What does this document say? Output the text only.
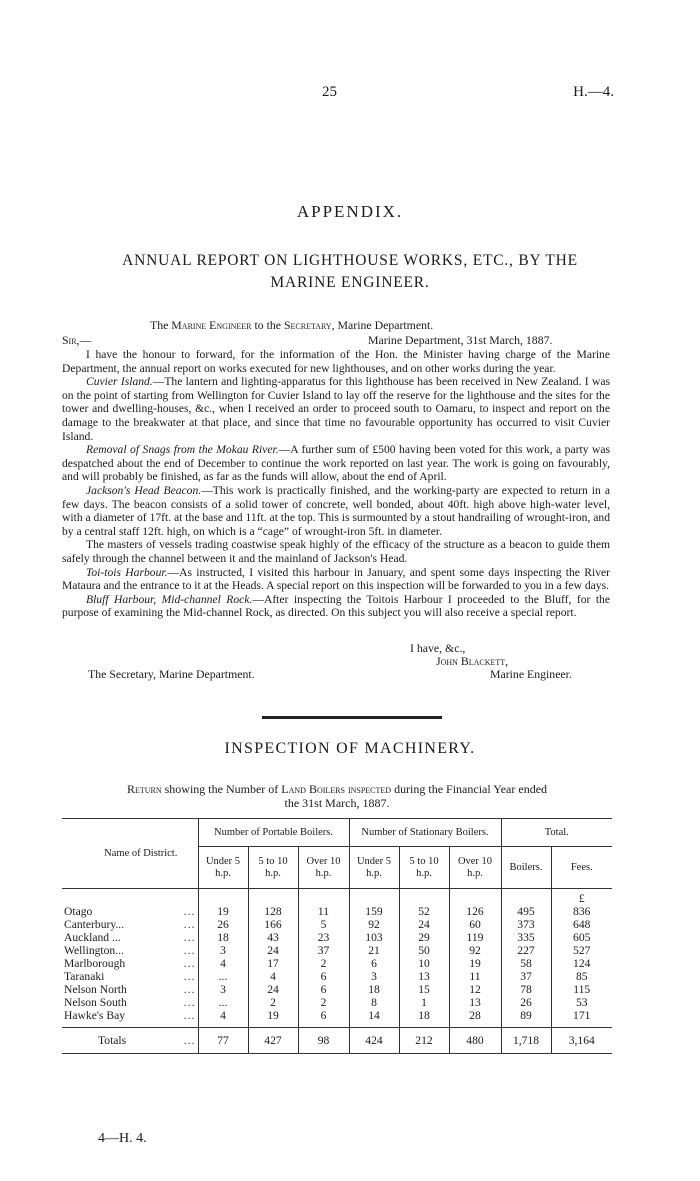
25	H.—4.
APPENDIX.
ANNUAL REPORT ON LIGHTHOUSE WORKS, ETC., BY THE
MARINE ENGINEER.
The Marine Engineer to the Secretary, Marine Department.
Sir,—	Marine Department, 31st March, 1887.

I have the honour to forward, for the information of the Hon. the Minister having charge of the Marine Department, the annual report on works executed for new lighthouses, and on other works during the year.

Cuvier Island.—The lantern and lighting-apparatus for this lighthouse has been received in New Zealand. I was on the point of starting from Wellington for Cuvier Island to lay off the reserve for the lighthouse and the sites for the tower and dwelling-houses, &c., when I received an order to proceed south to Oamaru, to inspect and report on the damage to the breakwater at that place, and since that time no favourable opportunity has occurred to visit Cuvier Island.

Removal of Snags from the Mokau River.—A further sum of £500 having been voted for this work, a party was despatched about the end of December to continue the work reported on last year. The work is going on favourably, and will probably be finished, as far as the funds will allow, about the end of April.

Jackson's Head Beacon.—This work is practically finished, and the working-party are expected to return in a few days. The beacon consists of a solid tower of concrete, well bonded, about 40ft. high above high-water level, with a diameter of 17ft. at the base and 11ft. at the top. This is surmounted by a stout handrailing of wrought-iron, and by a central staff 12ft. high, on which is a “cage” of wrought-iron 5ft. in diameter.

The masters of vessels trading coastwise speak highly of the efficacy of the structure as a beacon to guide them safely through the channel between it and the mainland of Jackson's Head.

Toi-tois Harbour.—As instructed, I visited this harbour in January, and spent some days inspecting the River Mataura and the entrance to it at the Heads. A special report on this inspection will be forwarded to you in a few days.

Bluff Harbour, Mid-channel Rock.—After inspecting the Toitois Harbour I proceeded to the Bluff, for the purpose of examining the Mid-channel Rock, as directed. On this subject you will also receive a special report.

I have, &c.,
John Blackett,
Marine Engineer.
The Secretary, Marine Department.
INSPECTION OF MACHINERY.
Return showing the Number of Land Boilers inspected during the Financial Year ended
the 31st March, 1887.
Name of District.		Number of Portable Boilers.			Number of Stationary Boilers.			Total.	
		Under 5 h.p.	5 to 10 h.p.	Over 10 h.p.	Under 5 h.p.	5 to 10 h.p.	Over 10 h.p.	Boilers.	Fees.
									£
Otago	...	19	128	11	159	52	126	495	836
Canterbury...	...	26	166	5	92	24	60	373	648
Auckland ...	...	18	43	23	103	29	119	335	605
Wellington...	...	3	24	37	21	50	92	227	527
Marlborough	...	4	17	2	6	10	19	58	124
Taranaki	...	...	4	6	3	13	11	37	85
Nelson North	...	3	24	6	18	15	12	78	115
Nelson South	...	...	2	2	8	1	13	26	53
Hawke's Bay	...	4	19	6	14	18	28	89	171

Totals	...	77	427	98	424	212	480	1,718	3,164
4—H. 4.
